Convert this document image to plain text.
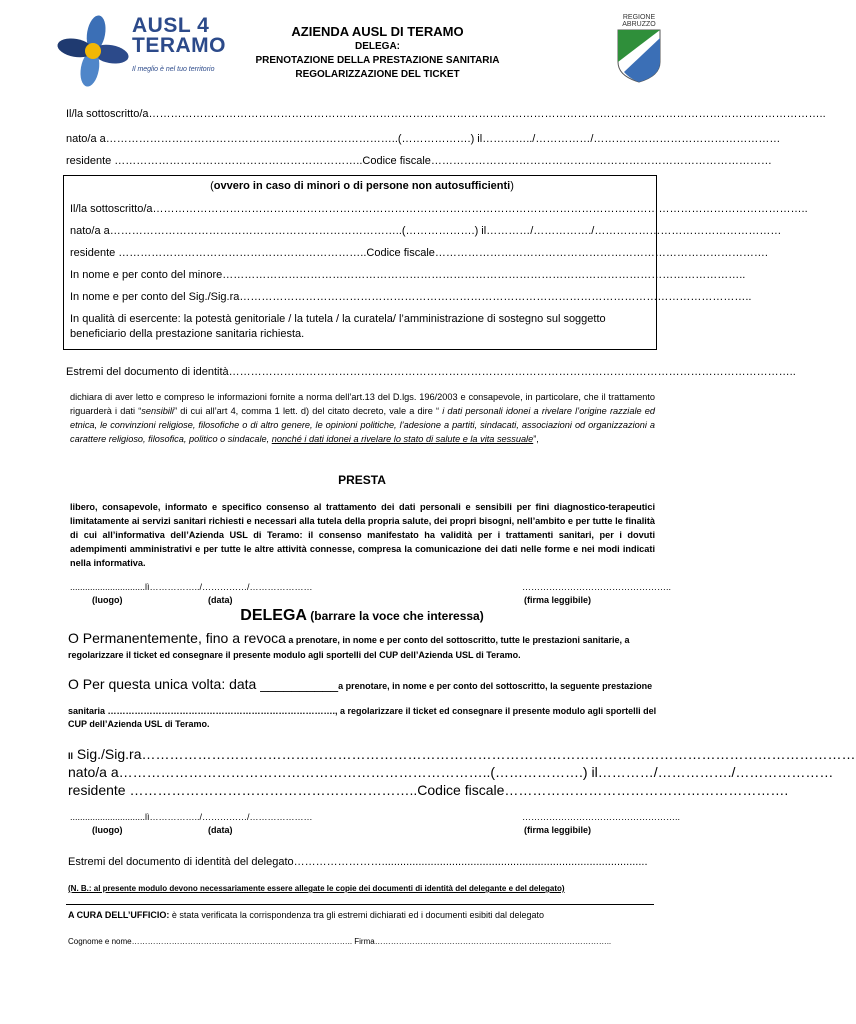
AUSL 4
TERAMO
Il meglio è nel tuo territorio
AZIENDA AUSL DI TERAMO
DELEGA:
PRENOTAZIONE DELLA PRESTAZIONE SANITARIA
REGOLARIZZAZIONE DEL TICKET
REGIONE
ABRUZZO
Il/la sottoscritto/a…………………………………………………………………………………………………………………………………………………………………..
nato/a a……………………………………………………………………..(……………….) il…………../……………/……………………………………………
residente …………………………………………………………..Codice fiscale…………………………………………………………………………………
(ovvero in caso di minori o di persone non autosufficienti)
Il/la sottoscritto/a……………………………………………………………………………………………………………………………………………………………..
nato/a a……………………………………………………………………..(……………….) il…………/……………./……………………………………………
residente …………………………………………………………..Codice fiscale……………………………………………………………………………….
In nome e per conto del minore……………………………………………………………………………………………………………………………..
In nome e per conto del Sig./Sig.ra…………………………………………………………………………………………………………………………..
In qualità di esercente: la potestà genitoriale / la tutela / la curatela/ l’amministrazione di sostegno sul soggetto
beneficiario della prestazione sanitaria richiesta.
Estremi del documento di identità………………………………………………………………………………………………………………………………………..
dichiara di aver letto e compreso le informazioni fornite a norma dell’art.13 del D.lgs. 196/2003 e consapevole, in particolare, che il trattamento riguarderà i dati “sensibili” di cui all’art 4, comma 1 lett. d) del citato decreto, vale a dire “ i dati personali idonei a rivelare l’origine razziale ed etnica, le convinzioni religiose, filosofiche o di altro genere, le opinioni politiche, l’adesione a partiti, sindacati, associazioni od organizzazioni a carattere religioso, filosofica, politico o sindacale, nonché i dati idonei a rivelare lo stato di salute e la vita sessuale”,
PRESTA
libero, consapevole, informato e specifico consenso al trattamento dei dati personali e sensibili per fini diagnostico-terapeutici limitatamente ai servizi sanitari richiesti e necessari alla tutela della propria salute, dei propri bisogni, nell’ambito e per tutte le finalità di cui all’informativa dell’Azienda USL di Teramo: il consenso manifestato ha validità per i trattamenti sanitari, per i dovuti adempimenti amministrativi e per tutte le altre attività connesse, compresa la comunicazione dei dati nelle forme e nei modi indicati nella informativa.
..............................lì……………../……………/…………………	…………………………………………..
(luogo)	(data)	(firma leggibile)
DELEGA (barrare la voce che interessa)
O Permanentemente, fino a revoca a prenotare, in nome e per conto del sottoscritto, tutte le prestazioni sanitarie, a
regolarizzare il ticket ed consegnare il presente modulo agli sportelli del CUP dell’Azienda USL di Teramo.
O Per questa unica volta: data __________a prenotare, in nome e per conto del sottoscritto, la seguente prestazione
sanitaria …………………………………………………………………., a regolarizzare il ticket ed consegnare il presente modulo agli sportelli del
CUP dell’Azienda USL di Teramo.
Il Sig./Sig.ra………………………………………………………………………………………………………………………………………
nato/a a……………………………………………………………………..(……………….) il…………/……………./…………………
residente ……………………………………………………..Codice fiscale…………………………………………………….
..............................lì……………../……………/…………………	……………………………………………..
(luogo)	(data)	(firma leggibile)
Estremi del documento di identità del delegato…………………….......................................................................................
(N. B.: al presente modulo devono necessariamente essere allegate le copie dei documenti di identità del delegante e del delegato)
A CURA DELL’UFFICIO: è stata verificata la corrispondenza tra gli estremi dichiarati ed i documenti esibiti dal delegato
Cognome e nome……………………………………………………………………….. Firma……………………………………………………………………………..
